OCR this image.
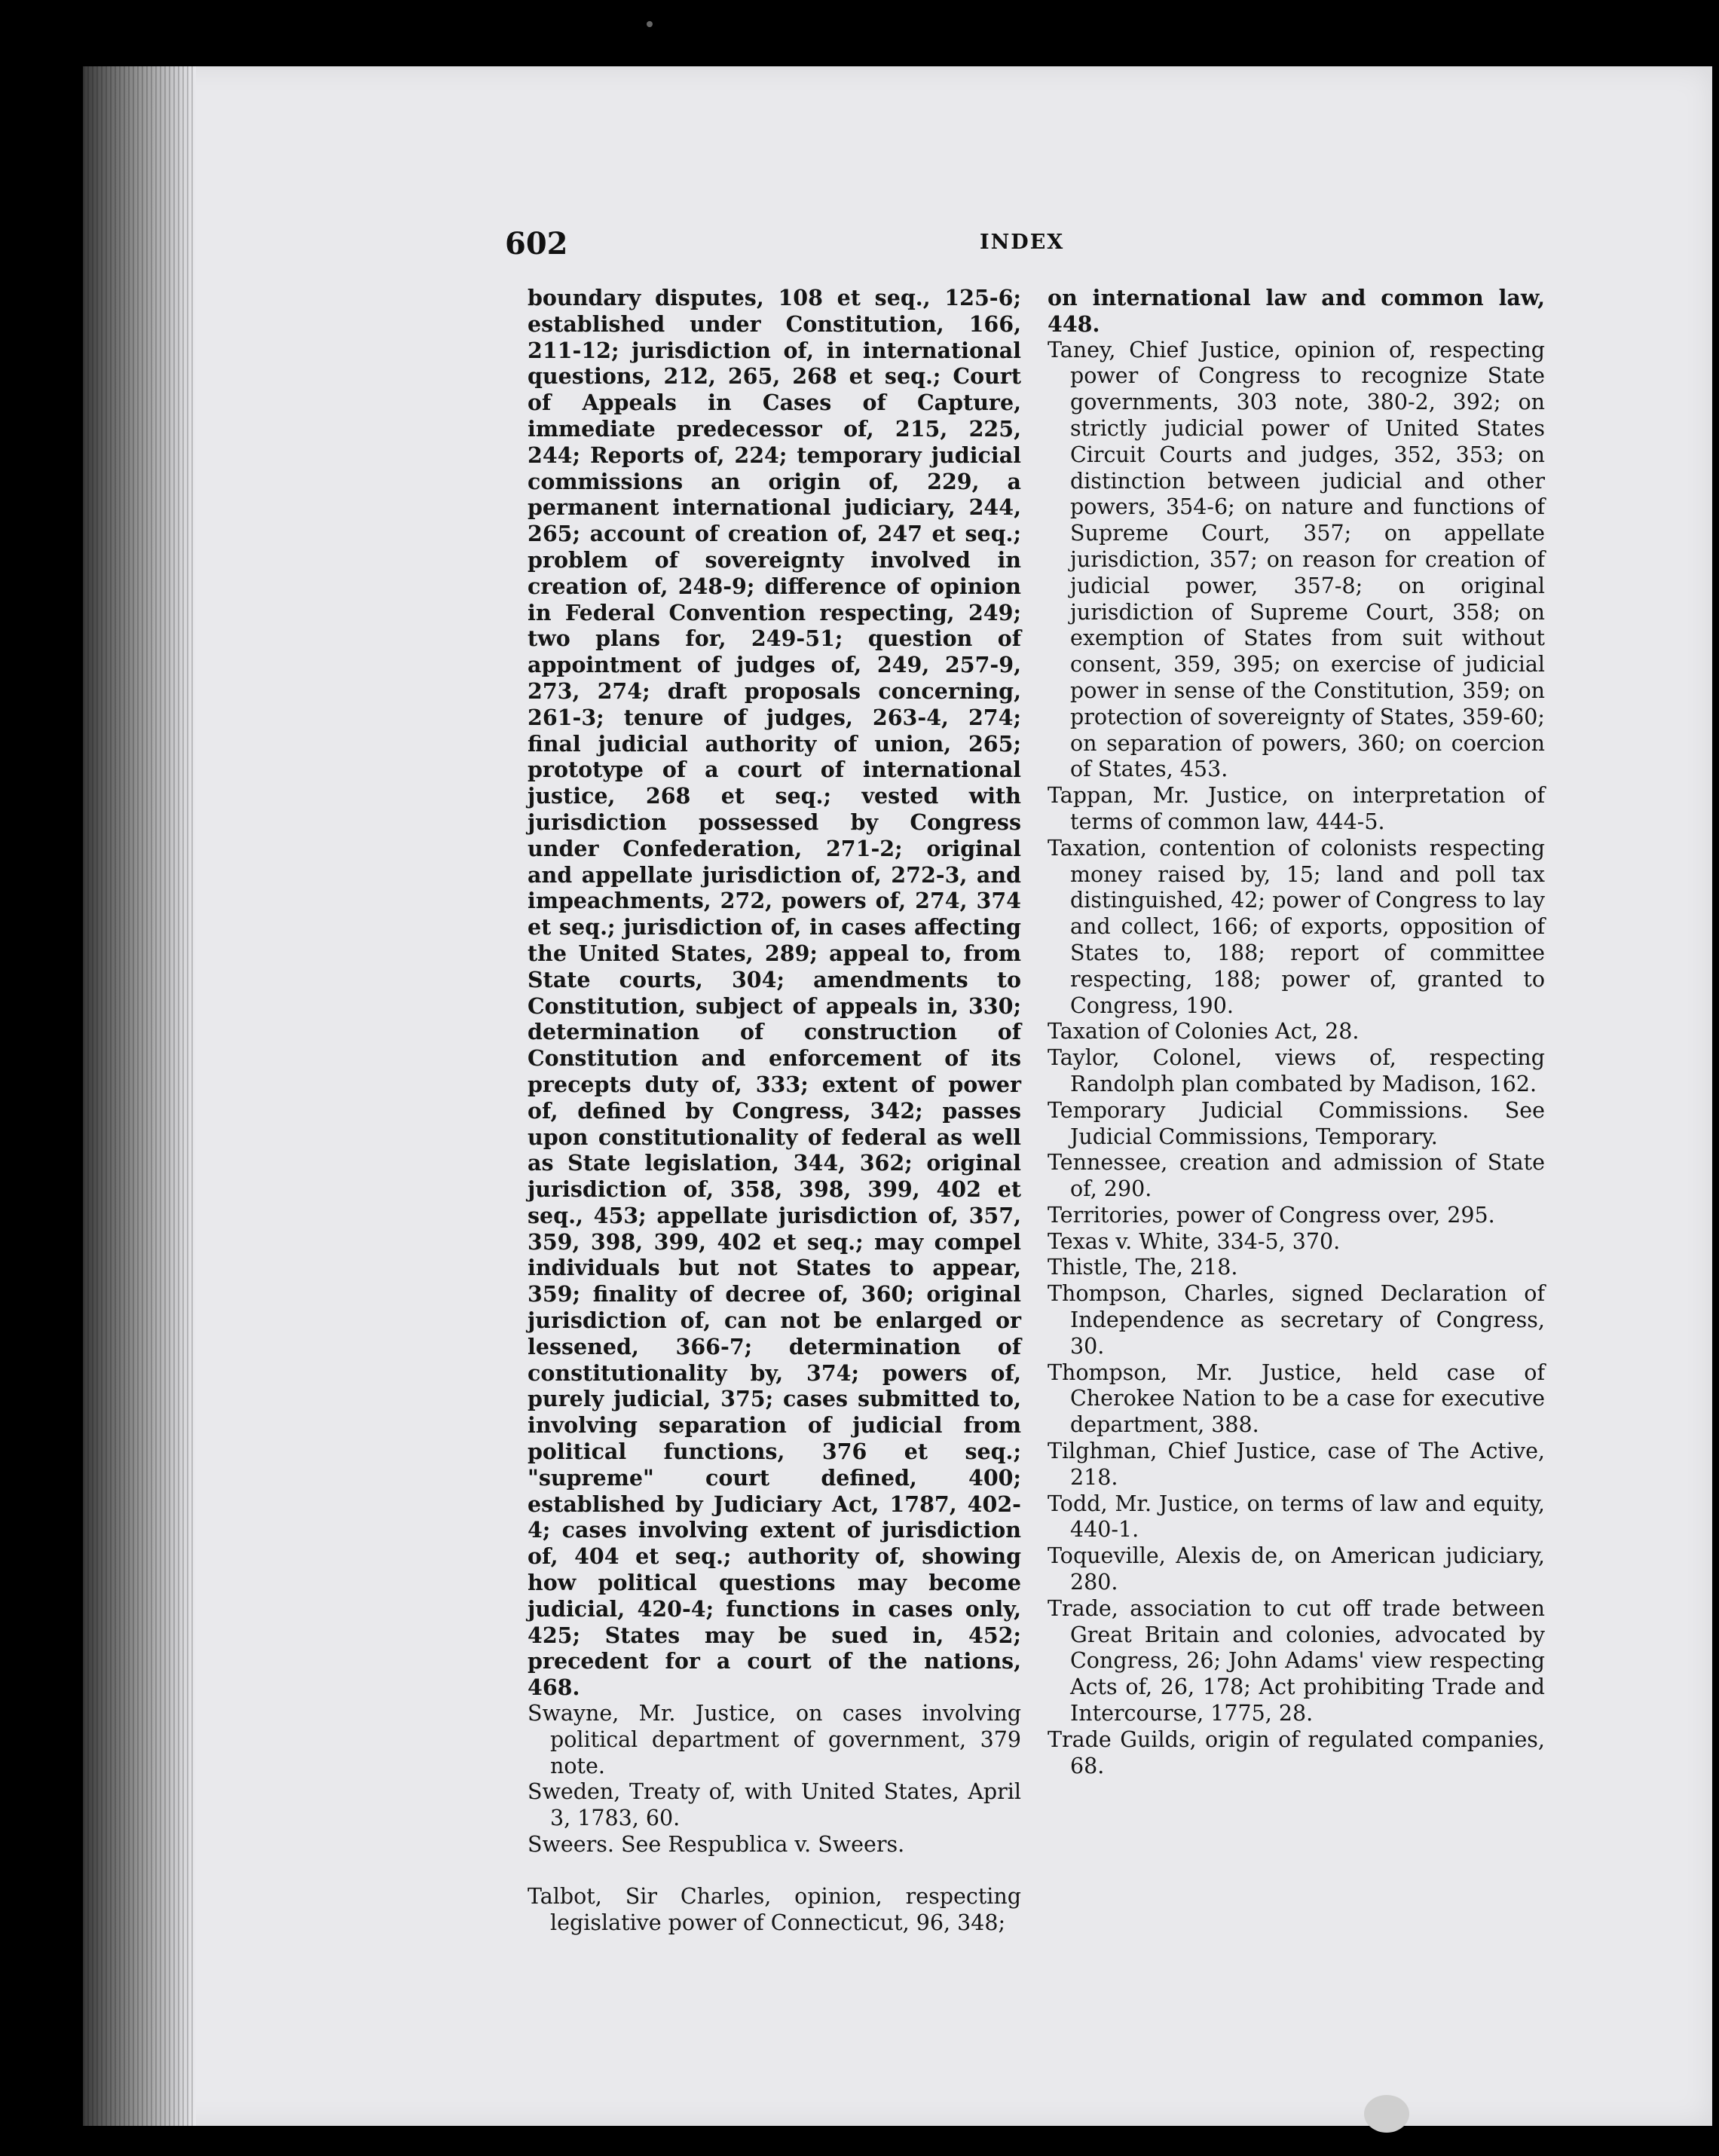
602	INDEX

boundary disputes, 108 et seq., 125-6; established under Constitution, 166, 211-12; jurisdiction of, in international questions, 212, 265, 268 et seq.; Court of Appeals in Cases of Capture, immediate predecessor of, 215, 225, 244; Reports of, 224; temporary judicial commissions an origin of, 229, a permanent international judiciary, 244, 265; account of creation of, 247 et seq.; problem of sovereignty involved in creation of, 248-9; difference of opinion in Federal Convention respecting, 249; two plans for, 249-51; question of appointment of judges of, 249, 257-9, 273, 274; draft proposals concerning, 261-3; tenure of judges, 263-4, 274; final judicial authority of union, 265; prototype of a court of international justice, 268 et seq.; vested with jurisdiction possessed by Congress under Confederation, 271-2; original and appellate jurisdiction of, 272-3, and impeachments, 272, powers of, 274, 374 et seq.; jurisdiction of, in cases affecting the United States, 289; appeal to, from State courts, 304; amendments to Constitution, subject of appeals in, 330; determination of construction of Constitution and enforcement of its precepts duty of, 333; extent of power of, defined by Congress, 342; passes upon constitutionality of federal as well as State legislation, 344, 362; original jurisdiction of, 358, 398, 399, 402 et seq., 453; appellate jurisdiction of, 357, 359, 398, 399, 402 et seq.; may compel individuals but not States to appear, 359; finality of decree of, 360; original jurisdiction of, can not be enlarged or lessened, 366-7; determination of constitutionality by, 374; powers of, purely judicial, 375; cases submitted to, involving separation of judicial from political functions, 376 et seq.; "supreme" court defined, 400; established by Judiciary Act, 1787, 402-4; cases involving extent of jurisdiction of, 404 et seq.; authority of, showing how political questions may become judicial, 420-4; functions in cases only, 425; States may be sued in, 452; precedent for a court of the nations, 468.

Swayne, Mr. Justice, on cases involving political department of government, 379 note.

Sweden, Treaty of, with United States, April 3, 1783, 60.

Sweers. See Respublica v. Sweers.

Talbot, Sir Charles, opinion, respecting legislative power of Connecticut, 96, 348;

on international law and common law, 448.

Taney, Chief Justice, opinion of, respecting power of Congress to recognize State governments, 303 note, 380-2, 392; on strictly judicial power of United States Circuit Courts and judges, 352, 353; on distinction between judicial and other powers, 354-6; on nature and functions of Supreme Court, 357; on appellate jurisdiction, 357; on reason for creation of judicial power, 357-8; on original jurisdiction of Supreme Court, 358; on exemption of States from suit without consent, 359, 395; on exercise of judicial power in sense of the Constitution, 359; on protection of sovereignty of States, 359-60; on separation of powers, 360; on coercion of States, 453.

Tappan, Mr. Justice, on interpretation of terms of common law, 444-5.

Taxation, contention of colonists respecting money raised by, 15; land and poll tax distinguished, 42; power of Congress to lay and collect, 166; of exports, opposition of States to, 188; report of committee respecting, 188; power of, granted to Congress, 190.

Taxation of Colonies Act, 28.

Taylor, Colonel, views of, respecting Randolph plan combated by Madison, 162.

Temporary Judicial Commissions. See Judicial Commissions, Temporary.

Tennessee, creation and admission of State of, 290.

Territories, power of Congress over, 295.

Texas v. White, 334-5, 370.

Thistle, The, 218.

Thompson, Charles, signed Declaration of Independence as secretary of Congress, 30.

Thompson, Mr. Justice, held case of Cherokee Nation to be a case for executive department, 388.

Tilghman, Chief Justice, case of The Active, 218.

Todd, Mr. Justice, on terms of law and equity, 440-1.

Toqueville, Alexis de, on American judiciary, 280.

Trade, association to cut off trade between Great Britain and colonies, advocated by Congress, 26; John Adams' view respecting Acts of, 26, 178; Act prohibiting Trade and Intercourse, 1775, 28.

Trade Guilds, origin of regulated companies, 68.
